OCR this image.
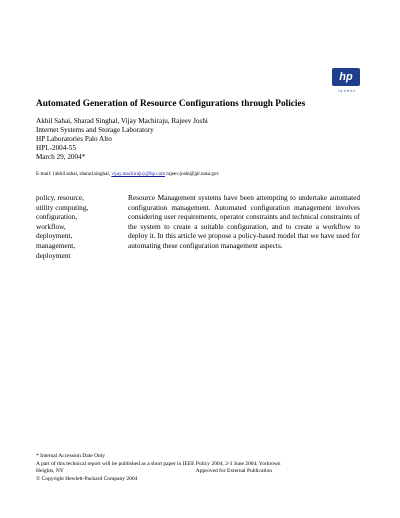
hp
invent
Automated Generation of Resource Configurations through Policies
Akhil Sahai, Sharad Singhal, Vijay Machiraju, Rajeev Joshi
Internet Systems and Storage Laboratory
HP Laboratories Palo Alto
HPL-2004-55
March 29, 2004*
E-mail: {akhil.sahai, sharad.singhal, vijay.machiraju}@hp.com rajeev.joshi@jpl.nasa.gov
policy, resource,
utility computing,
configuration,
workflow,
deployment,
management,
deployment
Resource Management systems have been attempting to undertake automated configuration management. Automated configuration management involves considering user requirements, operator constraints and technical constraints of the system to create a suitable configuration, and to create a workflow to deploy it. In this article we propose a policy-based model that we have used for automating these configuration management aspects.
* Internal Accession Date Only
A part of this technical report will be published as a short paper in IEEE Policy 2004, 2-3 June 2004, Yorktown
Heights, NY	Approved for External Publication
© Copyright Hewlett-Packard Company 2004
